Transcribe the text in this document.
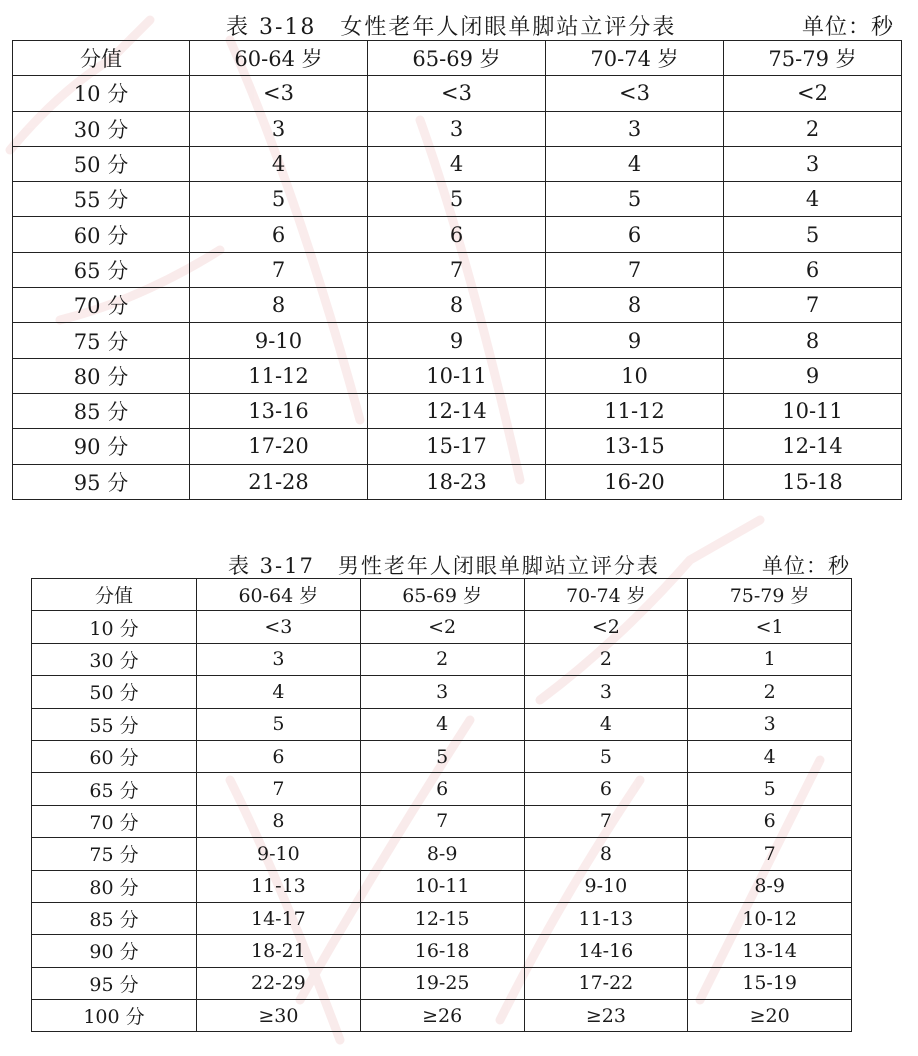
表 3-18　女性老年人闭眼单脚站立评分表	单位：秒
分值	60-64 岁	65-69 岁	70-74 岁	75-79 岁
10 分	<3	<3	<3	<2
30 分	3	3	3	2
50 分	4	4	4	3
55 分	5	5	5	4
60 分	6	6	6	5
65 分	7	7	7	6
70 分	8	8	8	7
75 分	9-10	9	9	8
80 分	11-12	10-11	10	9
85 分	13-16	12-14	11-12	10-11
90 分	17-20	15-17	13-15	12-14
95 分	21-28	18-23	16-20	15-18
表 3-17　男性老年人闭眼单脚站立评分表	单位：秒
分值	60-64 岁	65-69 岁	70-74 岁	75-79 岁
10 分	<3	<2	<2	<1
30 分	3	2	2	1
50 分	4	3	3	2
55 分	5	4	4	3
60 分	6	5	5	4
65 分	7	6	6	5
70 分	8	7	7	6
75 分	9-10	8-9	8	7
80 分	11-13	10-11	9-10	8-9
85 分	14-17	12-15	11-13	10-12
90 分	18-21	16-18	14-16	13-14
95 分	22-29	19-25	17-22	15-19
100 分	≥30	≥26	≥23	≥20
